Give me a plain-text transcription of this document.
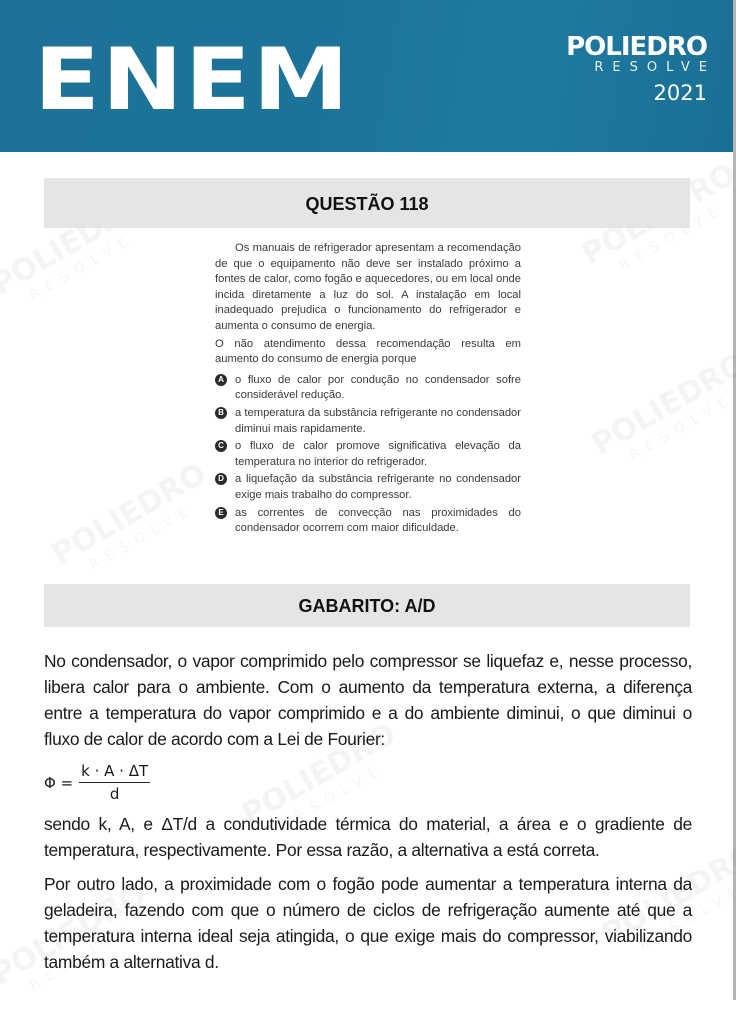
ENEM	POLIEDRO
RESOLVE
2021
QUESTÃO 118

Os manuais de refrigerador apresentam a recomendação de que o equipamento não deve ser instalado próximo a fontes de calor, como fogão e aquecedores, ou em local onde incida diretamente a luz do sol. A instalação em local inadequado prejudica o funcionamento do refrigerador e aumenta o consumo de energia.

O não atendimento dessa recomendação resulta em aumento do consumo de energia porque

A o fluxo de calor por condução no condensador sofre considerável redução.
B a temperatura da substância refrigerante no condensador diminui mais rapidamente.
C o fluxo de calor promove significativa elevação da temperatura no interior do refrigerador.
D a liquefação da substância refrigerante no condensador exige mais trabalho do compressor.
E as correntes de convecção nas proximidades do condensador ocorrem com maior dificuldade.
GABARITO: A/D

No condensador, o vapor comprimido pelo compressor se liquefaz e, nesse processo, libera calor para o ambiente. Com o aumento da temperatura externa, a diferença entre a temperatura do vapor comprimido e a do ambiente diminui, o que diminui o fluxo de calor de acordo com a Lei de Fourier:

$\Phi = \frac{k \cdot A \cdot \Delta T}{d}$

sendo k, A, e ΔT/d a condutividade térmica do material, a área e o gradiente de temperatura, respectivamente. Por essa razão, a alternativa a está correta.

Por outro lado, a proximidade com o fogão pode aumentar a temperatura interna da geladeira, fazendo com que o número de ciclos de refrigeração aumente até que a temperatura interna ideal seja atingida, o que exige mais do compressor, viabilizando também a alternativa d.
